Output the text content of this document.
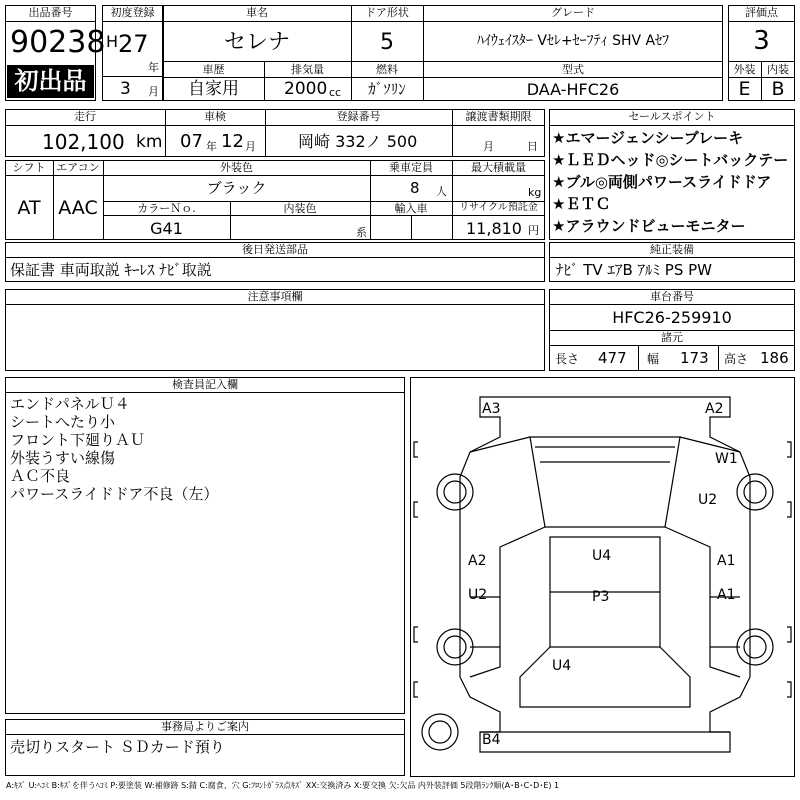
出品番号
90238
初出品
初度登録
H 27
年
3 月
車名
セレナ
ドア形状
5
グレード
ﾊｲｳｪｲｽﾀｰ Vｾﾚ+ｾｰﾌﾃｨ SHV Aｾﾌ
車歴
自家用
排気量
2000 cc
燃料
ｶﾞｿﾘﾝ
型式
DAA-HFC26
評価点
3
外装	内装
E	B
走行
102,100 km
車検
07 年 12 月
登録番号
岡崎 332ノ 500
譲渡書類期限
月	日
セールスポイント
★エマージェンシーブレーキ
★ＬＥＤヘッド◎シートバックテー
★ブル◎両側パワースライドドア
★ＥＴＣ
★アラウンドビューモニター
シフト
AT
エアコン
AAC
外装色
ブラック
乗車定員
8 人
最大積載量
kg
カラーＮｏ.
G41
内装色
系
輸入車	リサイクル預託金
11,810 円
後日発送部品
保証書 車両取説 ｷｰﾚｽ ﾅﾋﾞ取説
純正装備
ﾅﾋﾞ TV ｴｱB ｱﾙﾐ PS PW
注意事項欄	車台番号
HFC26-259910
諸元
長さ 477 幅 173 高さ 186
検査員記入欄
エンドパネルＵ４
シートへたり小
フロント下廻りＡＵ
外装うすい線傷
ＡＣ不良
パワースライドドア不良（左）
事務局よりご案内
売切りスタート ＳＤカード預り
A3	A2
W1
U2
A2	U4	A1
U2	P3	A1
U4
B4
A:ｷｽﾞ U:ﾍｺﾐ B:ｷｽﾞを伴うﾍｺﾐ P:要塗装 W:補修跡 S:錆 C:腐食、穴 G:ﾌﾛﾝﾄｶﾞﾗｽ点ｷｽﾞ XX:交換済み X:要交換 欠:欠品 内外装評価 5段階ﾗﾝｸ順(A･B･C･D･E) 1
